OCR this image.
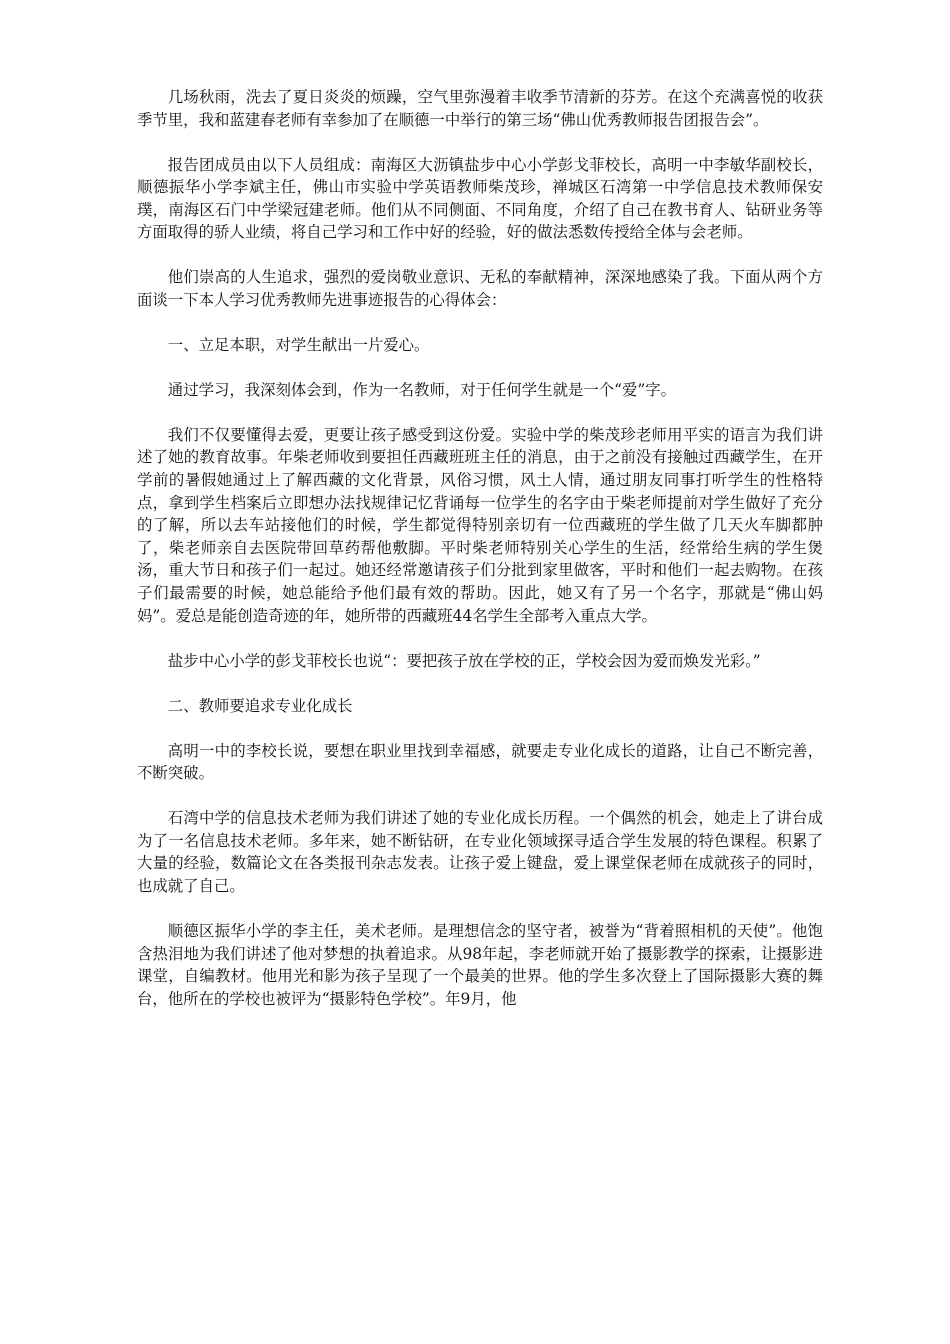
几场秋雨，洗去了夏日炎炎的烦躁，空气里弥漫着丰收季节清新的芬芳。在这个充满喜悦的收获季节里，我和蓝建春老师有幸参加了在顺德一中举行的第三场“佛山优秀教师报告团报告会”。

报告团成员由以下人员组成：南海区大沥镇盐步中心小学彭戈菲校长，高明一中李敏华副校长，顺德振华小学李斌主任，佛山市实验中学英语教师柴茂珍，禅城区石湾第一中学信息技术教师保安璞，南海区石门中学梁冠建老师。他们从不同侧面、不同角度，介绍了自己在教书育人、钻研业务等方面取得的骄人业绩，将自己学习和工作中好的经验，好的做法悉数传授给全体与会老师。

他们崇高的人生追求，强烈的爱岗敬业意识、无私的奉献精神，深深地感染了我。下面从两个方面谈一下本人学习优秀教师先进事迹报告的心得体会：

一、立足本职，对学生献出一片爱心。

通过学习，我深刻体会到，作为一名教师，对于任何学生就是一个“爱”字。

我们不仅要懂得去爱，更要让孩子感受到这份爱。实验中学的柴茂珍老师用平实的语言为我们讲述了她的教育故事。年柴老师收到要担任西藏班班主任的消息，由于之前没有接触过西藏学生，在开学前的暑假她通过上了解西藏的文化背景，风俗习惯，风土人情，通过朋友同事打听学生的性格特点，拿到学生档案后立即想办法找规律记忆背诵每一位学生的名字由于柴老师提前对学生做好了充分的了解，所以去车站接他们的时候，学生都觉得特别亲切有一位西藏班的学生做了几天火车脚都肿了，柴老师亲自去医院带回草药帮他敷脚。平时柴老师特别关心学生的生活，经常给生病的学生煲汤，重大节日和孩子们一起过。她还经常邀请孩子们分批到家里做客，平时和他们一起去购物。在孩子们最需要的时候，她总能给予他们最有效的帮助。因此，她又有了另一个名字，那就是“佛山妈妈”。爱总是能创造奇迹的年，她所带的西藏班44名学生全部考入重点大学。

盐步中心小学的彭戈菲校长也说“：要把孩子放在学校的正，学校会因为爱而焕发光彩。”

二、教师要追求专业化成长

高明一中的李校长说，要想在职业里找到幸福感，就要走专业化成长的道路，让自己不断完善，不断突破。

石湾中学的信息技术老师为我们讲述了她的专业化成长历程。一个偶然的机会，她走上了讲台成为了一名信息技术老师。多年来，她不断钻研，在专业化领域探寻适合学生发展的特色课程。积累了大量的经验，数篇论文在各类报刊杂志发表。让孩子爱上键盘，爱上课堂保老师在成就孩子的同时，也成就了自己。

顺德区振华小学的李主任，美术老师。是理想信念的坚守者，被誉为“背着照相机的天使”。他饱含热泪地为我们讲述了他对梦想的执着追求。从98年起，李老师就开始了摄影教学的探索，让摄影进课堂，自编教材。他用光和影为孩子呈现了一个最美的世界。他的学生多次登上了国际摄影大赛的舞台，他所在的学校也被评为“摄影特色学校”。年9月，他
